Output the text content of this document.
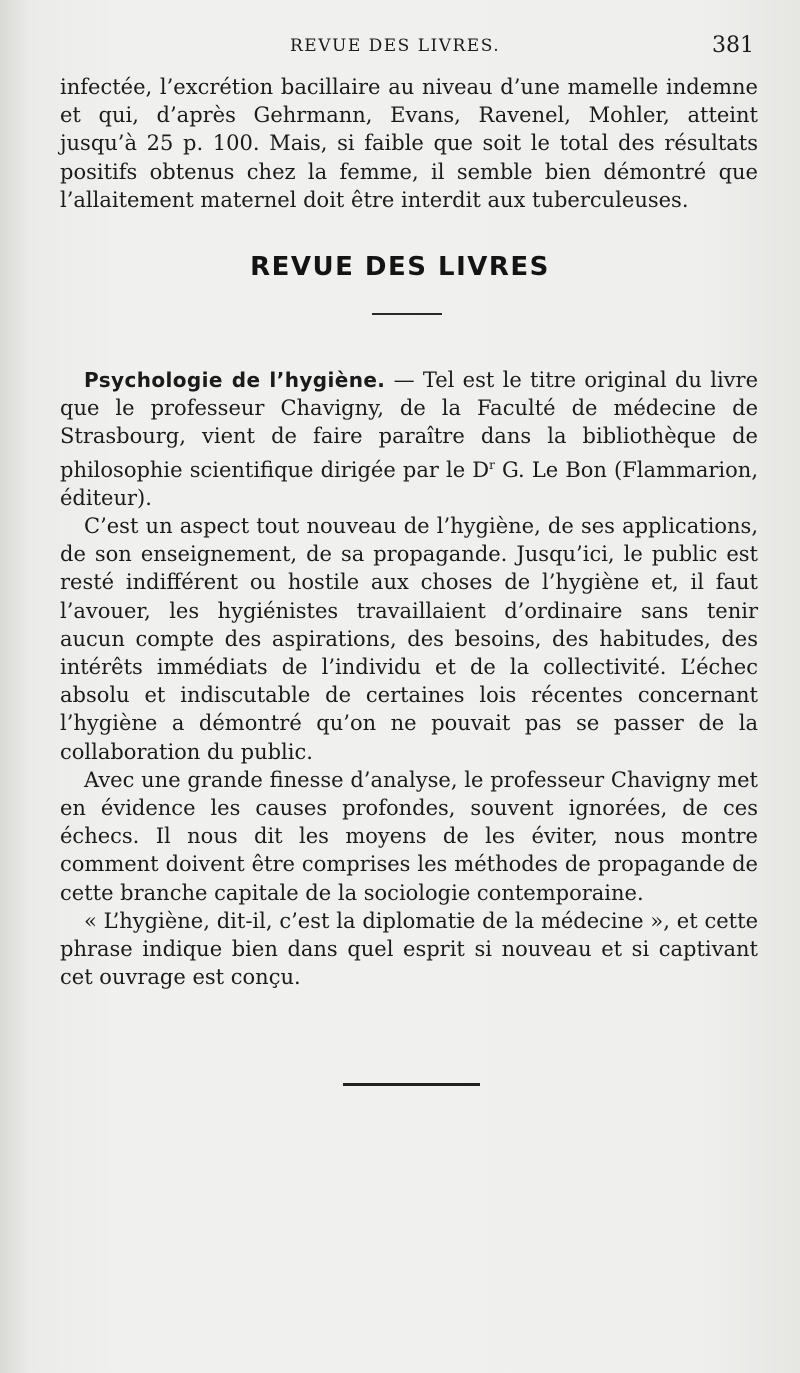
REVUE DES LIVRES.	381

infectée, l’excrétion bacillaire au niveau d’une mamelle indemne et qui, d’après Gehrmann, Evans, Ravenel, Mohler, atteint jusqu’à 25 p. 100. Mais, si faible que soit le total des résultats positifs obtenus chez la femme, il semble bien démontré que l’allaitement maternel doit être interdit aux tuberculeuses.

REVUE DES LIVRES

Psychologie de l’hygiène. — Tel est le titre original du livre que le professeur Chavigny, de la Faculté de médecine de Strasbourg, vient de faire paraître dans la bibliothèque de philosophie scientifique dirigée par le $D^r$ G. Le Bon (Flammarion, éditeur).

C’est un aspect tout nouveau de l’hygiène, de ses applications, de son enseignement, de sa propagande. Jusqu’ici, le public est resté indifférent ou hostile aux choses de l’hygiène et, il faut l’avouer, les hygiénistes travaillaient d’ordinaire sans tenir aucun compte des aspirations, des besoins, des habitudes, des intérêts immédiats de l’individu et de la collectivité. L’échec absolu et indiscutable de certaines lois récentes concernant l’hygiène a démontré qu’on ne pouvait pas se passer de la collaboration du public.

Avec une grande finesse d’analyse, le professeur Chavigny met en évidence les causes profondes, souvent ignorées, de ces échecs. Il nous dit les moyens de les éviter, nous montre comment doivent être comprises les méthodes de propagande de cette branche capitale de la sociologie contemporaine.

« L’hygiène, dit-il, c’est la diplomatie de la médecine », et cette phrase indique bien dans quel esprit si nouveau et si captivant cet ouvrage est conçu.
